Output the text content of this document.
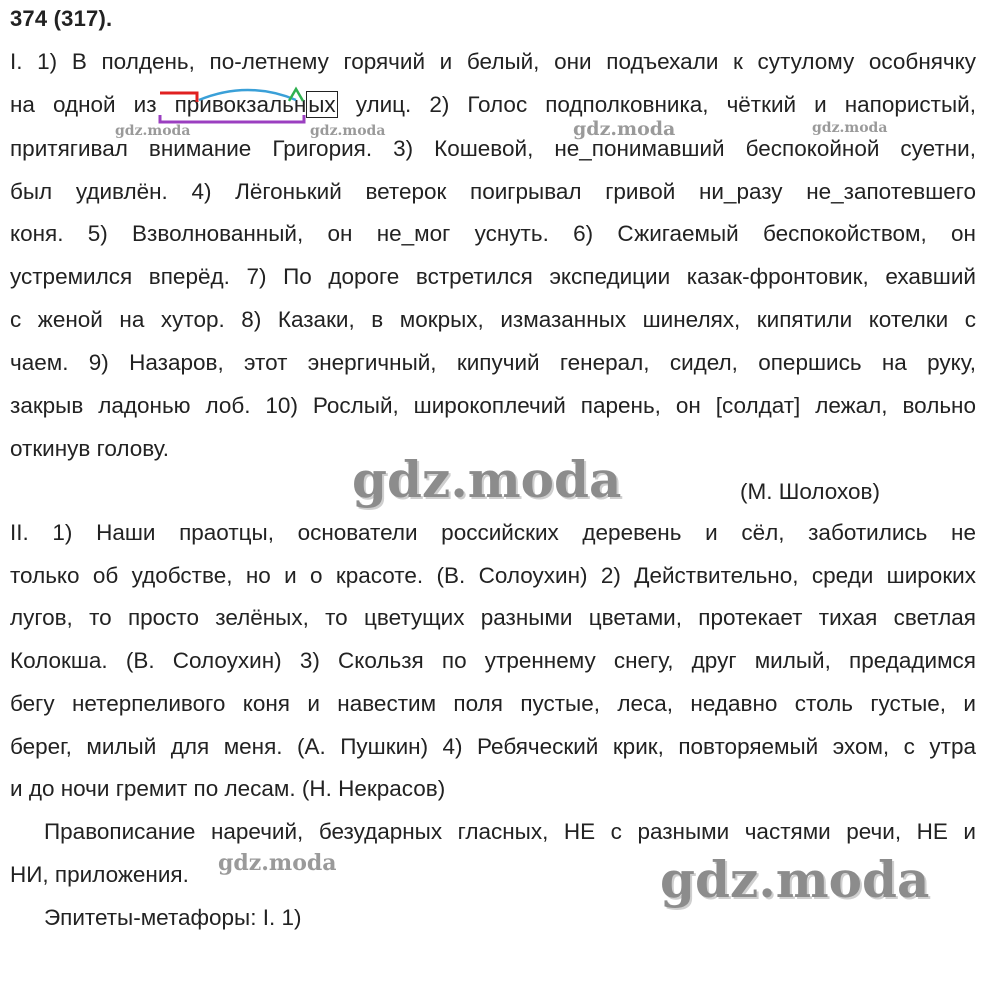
374 (317).
I. 1) В полдень, по-летнему горячий и белый, они подъехали к сутулому особнячку
на одной из привокзальных улиц. 2) Голос подполковника, чёткий и напористый,
притягивал внимание Григория. 3) Кошевой, не_понимавший беспокойной суетни,
был удивлён. 4) Лёгонький ветерок поигрывал гривой ни_разу не_запотевшего
коня. 5) Взволнованный, он не_мог уснуть. 6) Сжигаемый беспокойством, он
устремился вперёд. 7) По дороге встретился экспедиции казак-фронтовик, ехавший
с женой на хутор. 8) Казаки, в мокрых, измазанных шинелях, кипятили котелки с
чаем. 9) Назаров, этот энергичный, кипучий генерал, сидел, опершись на руку,
закрыв ладонью лоб. 10) Рослый, широкоплечий парень, он [солдат] лежал, вольно
откинув голову.
(М. Шолохов)
II. 1) Наши праотцы, основатели российских деревень и сёл, заботились не
только об удобстве, но и о красоте. (В. Солоухин) 2) Действительно, среди широких
лугов, то просто зелёных, то цветущих разными цветами, протекает тихая светлая
Колокша. (В. Солоухин) 3) Скользя по утреннему снегу, друг милый, предадимся
бегу нетерпеливого коня и навестим поля пустые, леса, недавно столь густые, и
берег, милый для меня. (А. Пушкин) 4) Ребяческий крик, повторяемый эхом, с утра
и до ночи гремит по лесам. (Н. Некрасов)
Правописание наречий, безударных гласных, НЕ с разными частями речи, НЕ и
НИ, приложения.
Эпитеты-метафоры: I. 1)
gdz.moda	gdz.moda	gdz.moda	gdz.moda
gdz.moda
gdz.moda	gdz.moda
